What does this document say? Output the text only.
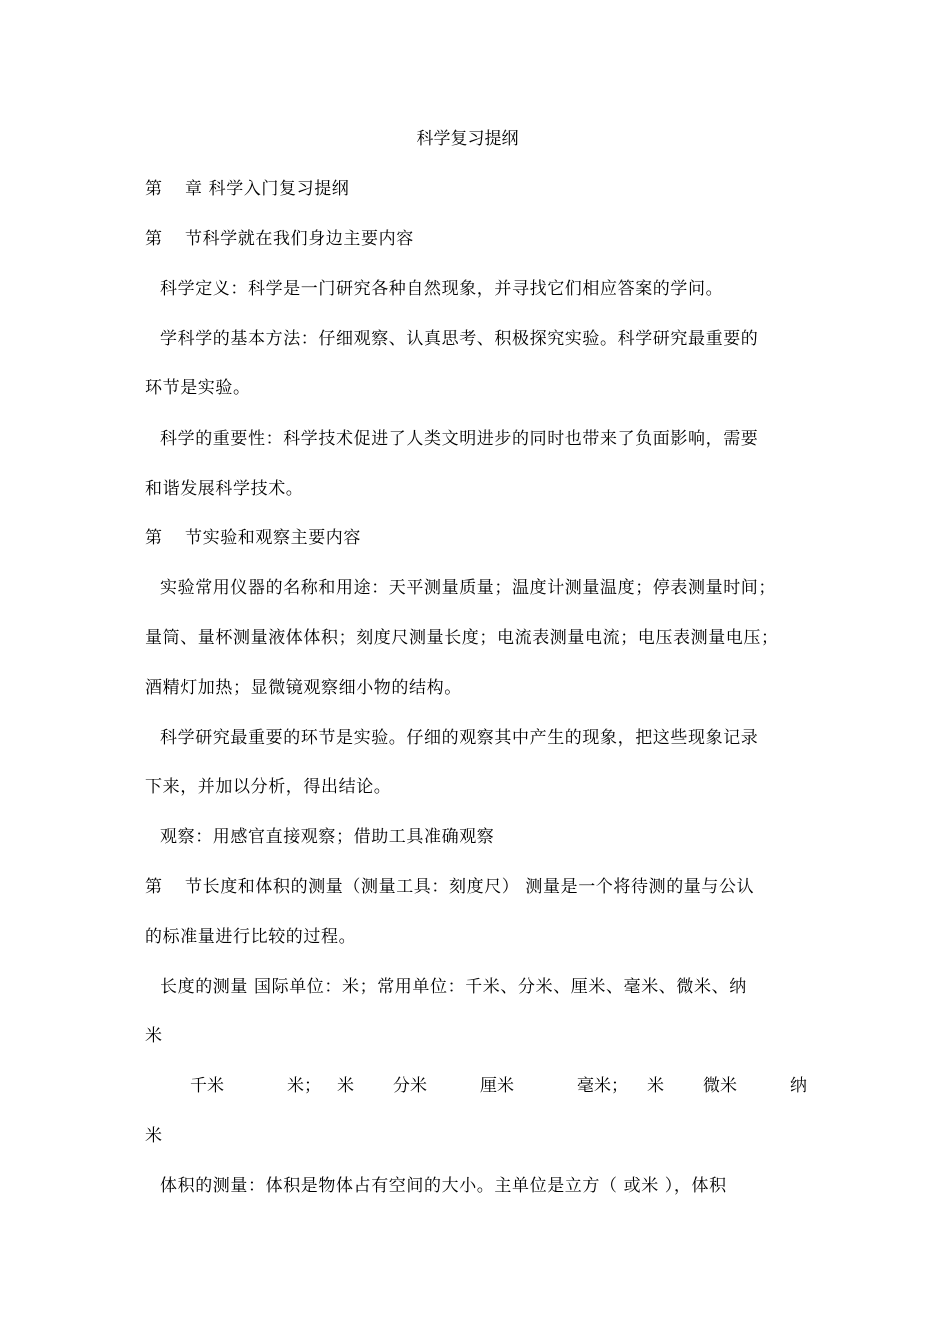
科学复习提纲
第 章 科学入门复习提纲
第 节科学就在我们身边主要内容
科学定义：科学是一门研究各种自然现象，并寻找它们相应答案的学问。
学科学的基本方法：仔细观察、认真思考、积极探究实验。科学研究最重要的
环节是实验。
科学的重要性：科学技术促进了人类文明进步的同时也带来了负面影响，需要
和谐发展科学技术。
第 节实验和观察主要内容
实验常用仪器的名称和用途：天平测量质量；温度计测量温度；停表测量时间；
量筒、量杯测量液体体积；刻度尺测量长度；电流表测量电流；电压表测量电压；
酒精灯加热；显微镜观察细小物的结构。
科学研究最重要的环节是实验。仔细的观察其中产生的现象，把这些现象记录
下来，并加以分析，得出结论。
观察：用感官直接观察；借助工具准确观察
第 节长度和体积的测量（测量工具：刻度尺） 测量是一个将待测的量与公认
的标准量进行比较的过程。
长度的测量 国际单位：米；常用单位：千米、分米、厘米、毫米、微米、纳
米
千米	米； 米 分米	厘米	毫米； 米 微米	纳
米
体积的测量：体积是物体占有空间的大小。主单位是立方（ 或米 ），体积
